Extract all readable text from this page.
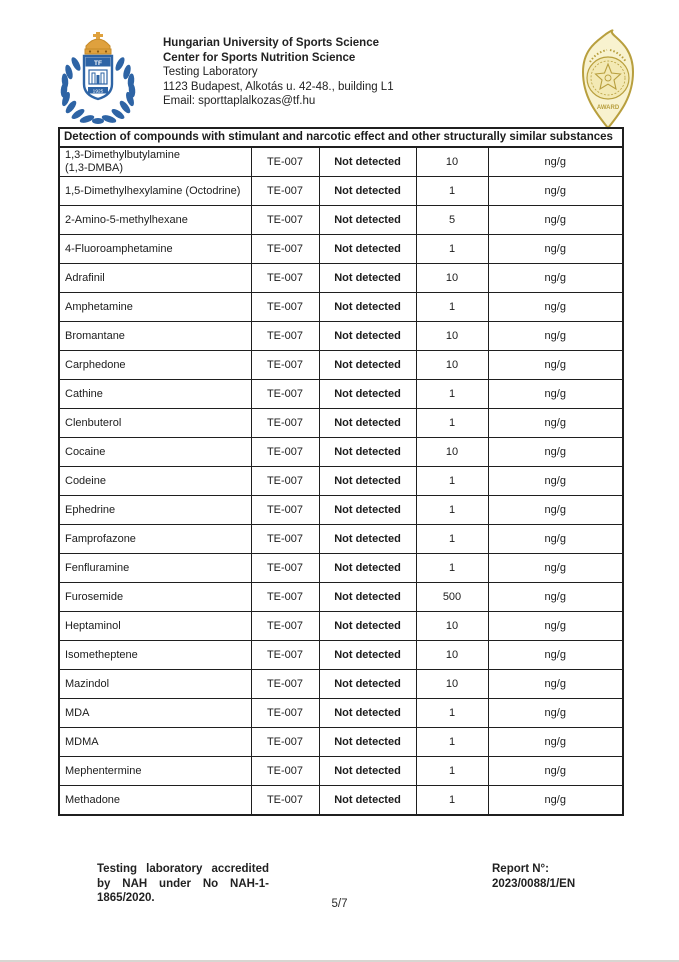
TF
1925
Hungarian University of Sports Science
Center for Sports Nutrition Science
Testing Laboratory
1123 Budapest, Alkotás u. 42-48., building L1
Email: sporttaplalkozas@tf.hu
AWARD
Detection of compounds with stimulant and narcotic effect and other structurally similar substances				
1,3-Dimethylbutylamine
(1,3-DMBA)	TE-007	Not detected	10	ng/g
1,5-Dimethylhexylamine (Octodrine)	TE-007	Not detected	1	ng/g
2-Amino-5-methylhexane	TE-007	Not detected	5	ng/g
4-Fluoroamphetamine	TE-007	Not detected	1	ng/g
Adrafinil	TE-007	Not detected	10	ng/g
Amphetamine	TE-007	Not detected	1	ng/g
Bromantane	TE-007	Not detected	10	ng/g
Carphedone	TE-007	Not detected	10	ng/g
Cathine	TE-007	Not detected	1	ng/g
Clenbuterol	TE-007	Not detected	1	ng/g
Cocaine	TE-007	Not detected	10	ng/g
Codeine	TE-007	Not detected	1	ng/g
Ephedrine	TE-007	Not detected	1	ng/g
Famprofazone	TE-007	Not detected	1	ng/g
Fenfluramine	TE-007	Not detected	1	ng/g
Furosemide	TE-007	Not detected	500	ng/g
Heptaminol	TE-007	Not detected	10	ng/g
Isometheptene	TE-007	Not detected	10	ng/g
Mazindol	TE-007	Not detected	10	ng/g
MDA	TE-007	Not detected	1	ng/g
MDMA	TE-007	Not detected	1	ng/g
Mephentermine	TE-007	Not detected	1	ng/g
Methadone	TE-007	Not detected	1	ng/g
Testing laboratory accredited by NAH under No NAH-1-1865/2020.
Report N°:
2023/0088/1/EN
5/7
